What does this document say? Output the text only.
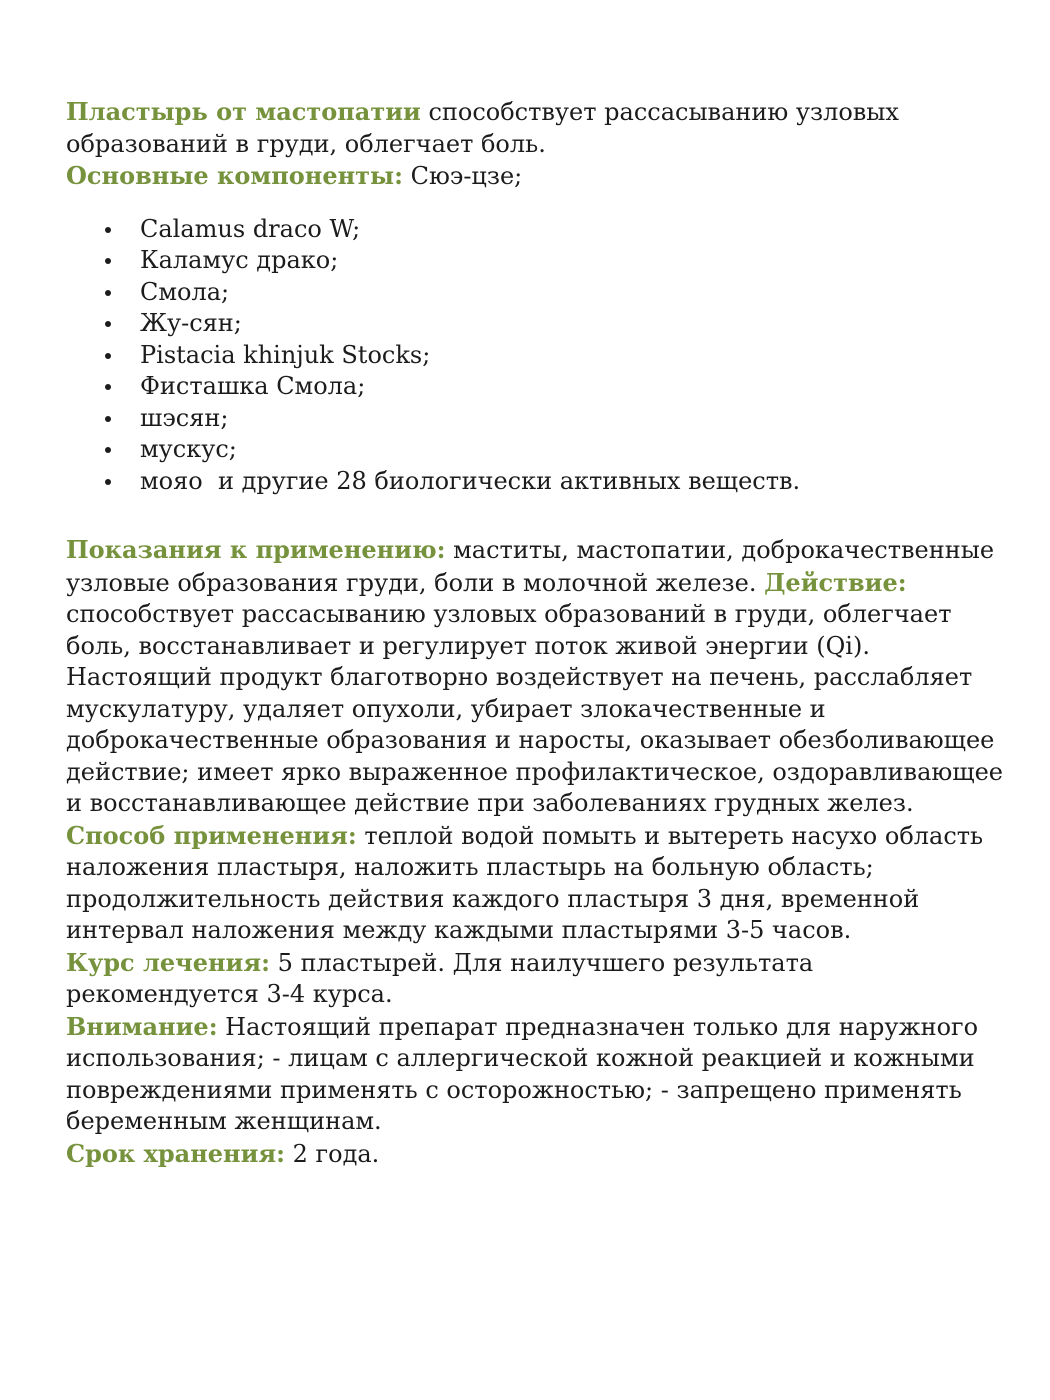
Пластырь от мастопатии способствует рассасыванию узловых образований в груди, облегчает боль.

Основные компоненты: Сюэ-цзе;

Calamus draco W;
Каламус драко;
Смола;
Жу-сян;
Pistacia khinjuk Stocks;
Фисташка Смола;
шэсян;
мускус;
мояо  и другие 28 биологически активных веществ.

Показания к применению: маститы, мастопатии, доброкачественные узловые образования груди, боли в молочной железе. Действие: способствует рассасыванию узловых образований в груди, облегчает боль, восстанавливает и регулирует поток живой энергии (Qi). Настоящий продукт благотворно воздействует на печень, расслабляет мускулатуру, удаляет опухоли, убирает злокачественные и доброкачественные образования и наросты, оказывает обезболивающее действие; имеет ярко выраженное профилактическое, оздоравливающее и восстанавливающее действие при заболеваниях грудных желез.

Способ применения: теплой водой помыть и вытереть насухо область наложения пластыря, наложить пластырь на больную область; продолжительность действия каждого пластыря 3 дня, временной интервал наложения между каждыми пластырями 3-5 часов.

Курс лечения: 5 пластырей. Для наилучшего результата рекомендуется 3-4 курса.

Внимание: Настоящий препарат предназначен только для наружного использования; - лицам с аллергической кожной реакцией и кожными повреждениями применять с осторожностью; - запрещено применять беременным женщинам.

Срок хранения: 2 года.
